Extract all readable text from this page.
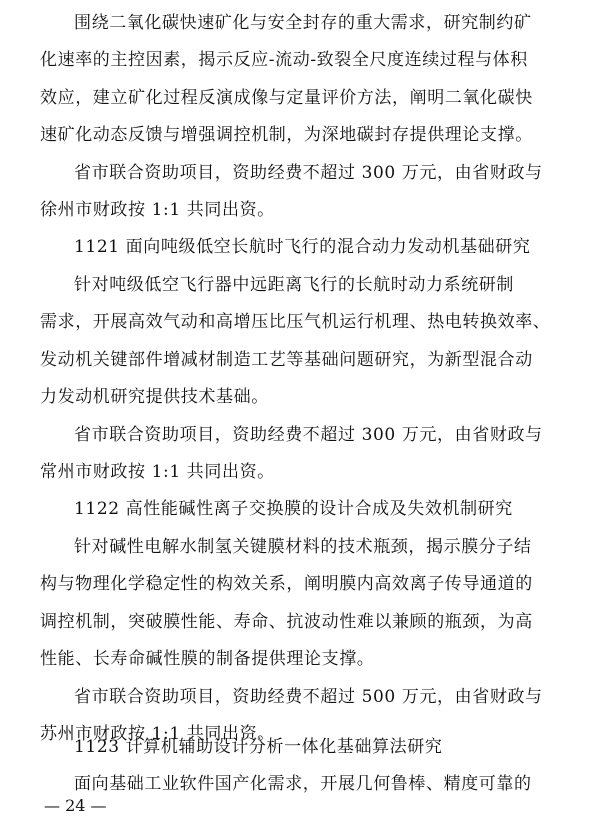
围绕二氧化碳快速矿化与安全封存的重大需求，研究制约矿
化速率的主控因素，揭示反应-流动-致裂全尺度连续过程与体积
效应，建立矿化过程反演成像与定量评价方法，阐明二氧化碳快
速矿化动态反馈与增强调控机制，为深地碳封存提供理论支撑。
省市联合资助项目，资助经费不超过 300 万元，由省财政与
徐州市财政按 1:1 共同出资。
1121 面向吨级低空长航时飞行的混合动力发动机基础研究
针对吨级低空飞行器中远距离飞行的长航时动力系统研制
需求，开展高效气动和高增压比压气机运行机理、热电转换效率、
发动机关键部件增减材制造工艺等基础问题研究，为新型混合动
力发动机研究提供技术基础。
省市联合资助项目，资助经费不超过 300 万元，由省财政与
常州市财政按 1:1 共同出资。
1122 高性能碱性离子交换膜的设计合成及失效机制研究
针对碱性电解水制氢关键膜材料的技术瓶颈，揭示膜分子结
构与物理化学稳定性的构效关系，阐明膜内高效离子传导通道的
调控机制，突破膜性能、寿命、抗波动性难以兼顾的瓶颈，为高
性能、长寿命碱性膜的制备提供理论支撑。
省市联合资助项目，资助经费不超过 500 万元，由省财政与
苏州市财政按 1:1 共同出资。
1123 计算机辅助设计分析一体化基础算法研究
— 24 —
面向基础工业软件国产化需求，开展几何鲁棒、精度可靠的
